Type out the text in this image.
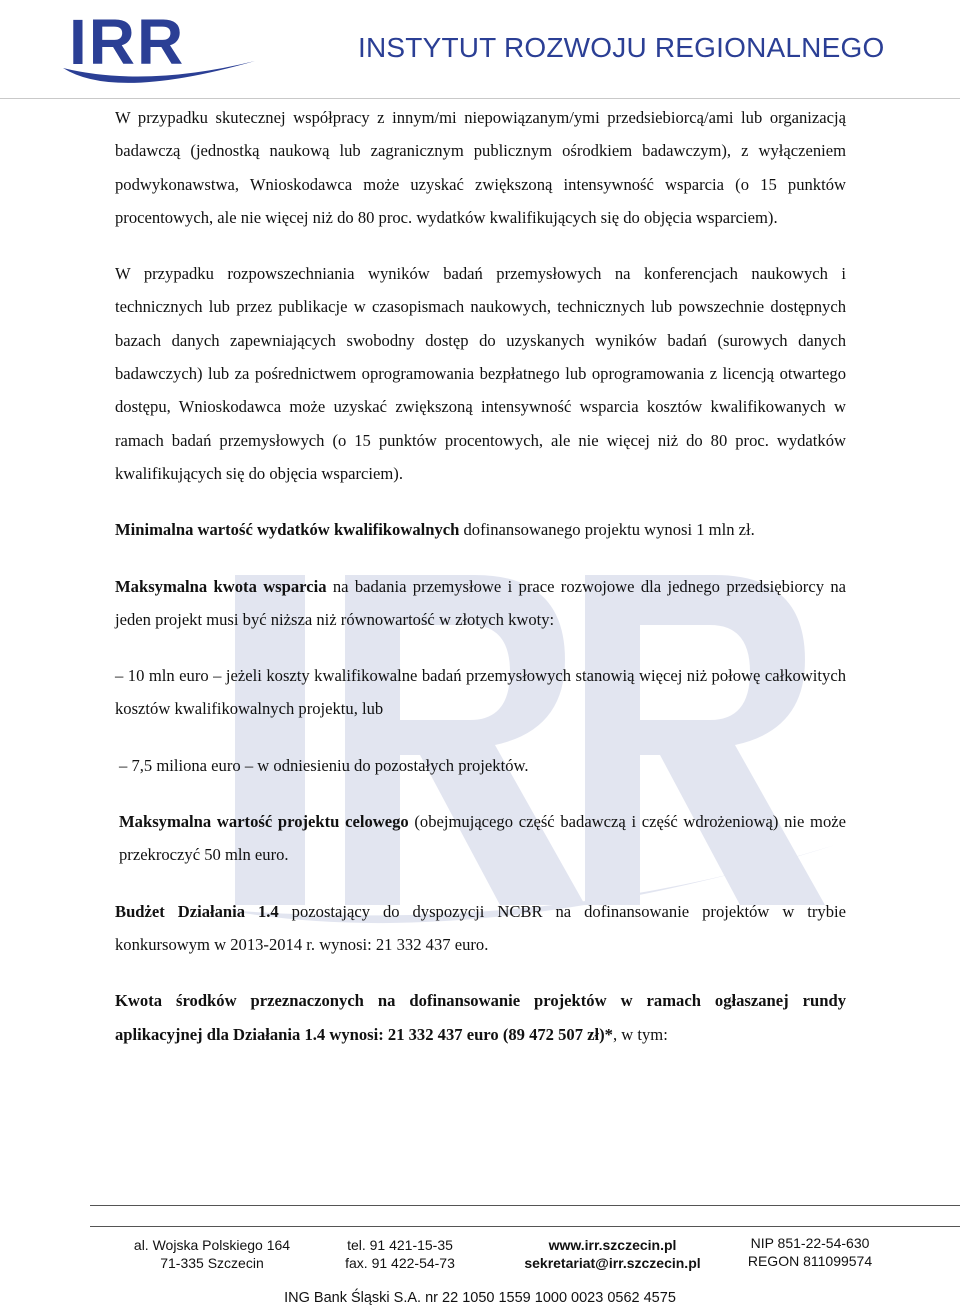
IRR	INSTYTUT ROZWOJU REGIONALNEGO

W przypadku skutecznej współpracy z innym/mi niepowiązanym/ymi przedsiebiorcą/ami lub organizacją badawczą (jednostką naukową lub zagranicznym publicznym ośrodkiem badawczym), z wyłączeniem podwykonawstwa, Wnioskodawca może uzyskać zwiększoną intensywność wsparcia (o 15 punktów procentowych, ale nie więcej niż do 80 proc. wydatków kwalifikujących się do objęcia wsparciem).

W przypadku rozpowszechniania wyników badań przemysłowych na konferencjach naukowych i technicznych lub przez publikacje w czasopismach naukowych, technicznych lub powszechnie dostępnych bazach danych zapewniających swobodny dostęp do uzyskanych wyników badań (surowych danych badawczych) lub za pośrednictwem oprogramowania bezpłatnego lub oprogramowania z licencją otwartego dostępu, Wnioskodawca może uzyskać zwiększoną intensywność wsparcia kosztów kwalifikowanych w ramach badań przemysłowych (o 15 punktów procentowych, ale nie więcej niż do 80 proc. wydatków kwalifikujących się do objęcia wsparciem).

Minimalna wartość wydatków kwalifikowalnych dofinansowanego projektu wynosi 1 mln zł.

Maksymalna kwota wsparcia na badania przemysłowe i prace rozwojowe dla jednego przedsiębiorcy na jeden projekt musi być niższa niż równowartość w złotych kwoty:

– 10 mln euro – jeżeli koszty kwalifikowalne badań przemysłowych stanowią więcej niż połowę całkowitych kosztów kwalifikowalnych projektu, lub

– 7,5 miliona euro – w odniesieniu do pozostałych projektów.

Maksymalna wartość projektu celowego (obejmującego część badawczą i część wdrożeniową) nie może przekroczyć 50 mln euro.

Budżet Działania 1.4 pozostający do dyspozycji NCBR na dofinansowanie projektów w trybie konkursowym w 2013-2014 r. wynosi: 21 332 437 euro.

Kwota środków przeznaczonych na dofinansowanie projektów w ramach ogłaszanej rundy aplikacyjnej dla Działania 1.4 wynosi: 21 332 437 euro (89 472 507 zł)*, w tym:

al. Wojska Polskiego 164
71-335 Szczecin
tel. 91 421-15-35
fax. 91 422-54-73
www.irr.szczecin.pl
sekretariat@irr.szczecin.pl
NIP 851-22-54-630
REGON 811099574
ING Bank Śląski S.A. nr 22 1050 1559 1000 0023 0562 4575
